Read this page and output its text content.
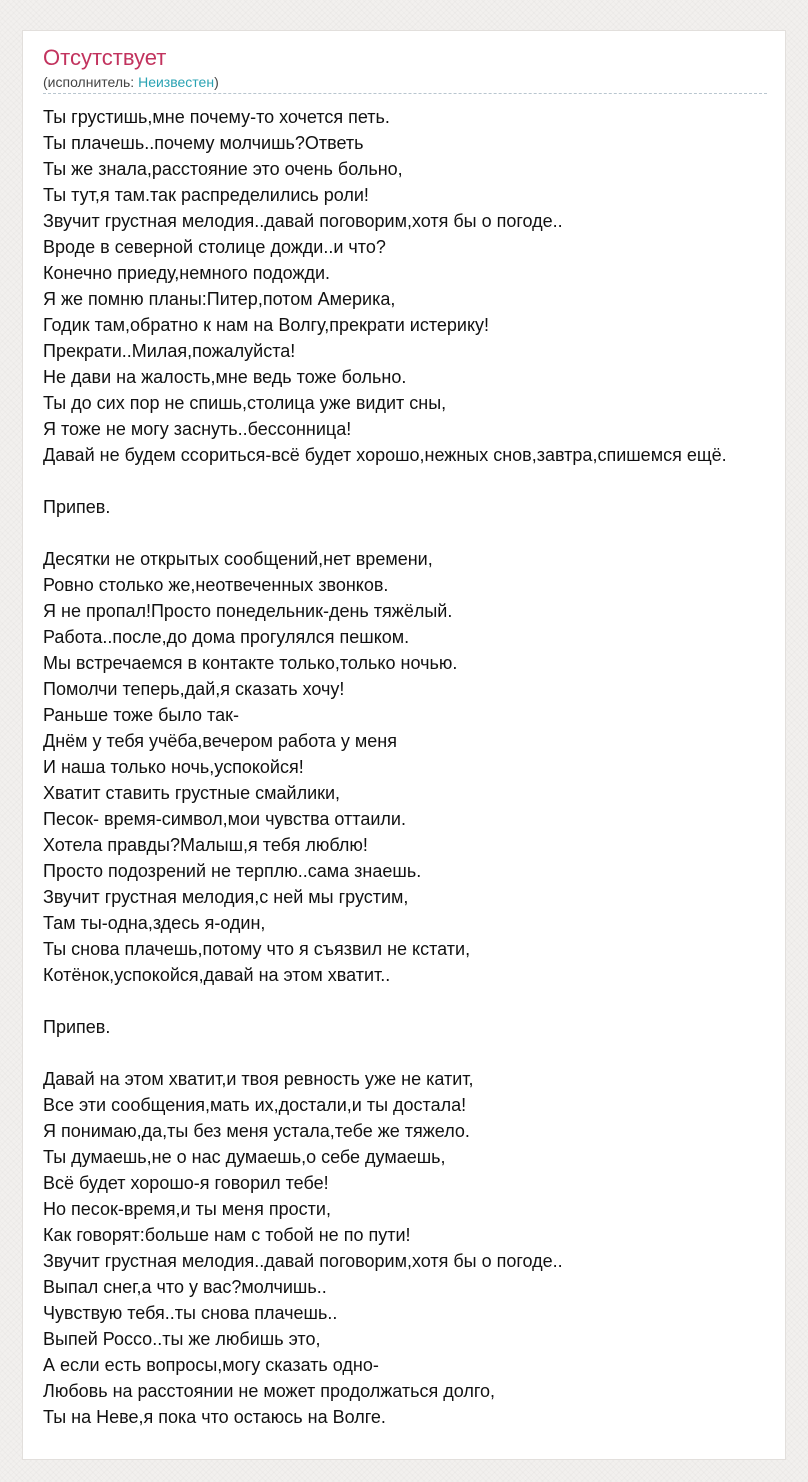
Отсутствует
(исполнитель: Неизвестен)
Ты грустишь,мне почему-то хочется петь.
Ты плачешь..почему молчишь?Ответь
Ты же знала,расстояние это очень больно,
Ты тут,я там.так распределились роли!
Звучит грустная мелодия..давай поговорим,хотя бы о погоде..
Вроде в северной столице дожди..и что?
Конечно приеду,немного подожди.
Я же помню планы:Питер,потом Америка,
Годик там,обратно к нам на Волгу,прекрати истерику!
Прекрати..Милая,пожалуйста!
Не дави на жалость,мне ведь тоже больно.
Ты до сих пор не спишь,столица уже видит сны,
Я тоже не могу заснуть..бессонница!
Давай не будем ссориться-всё будет хорошо,нежных снов,завтра,спишемся ещё.
Припев.
Десятки не открытых сообщений,нет времени,
Ровно столько же,неотвеченных звонков.
Я не пропал!Просто понедельник-день тяжёлый.
Работа..после,до дома прогулялся пешком.
Мы встречаемся в контакте только,только ночью.
Помолчи теперь,дай,я сказать хочу!
Раньше тоже было так-
Днём у тебя учёба,вечером работа у меня
И наша только ночь,успокойся!
Хватит ставить грустные смайлики,
Песок- время-символ,мои чувства оттаили.
Хотела правды?Малыш,я тебя люблю!
Просто подозрений не терплю..сама знаешь.
Звучит грустная мелодия,с ней мы грустим,
Там ты-одна,здесь я-один,
Ты снова плачешь,потому что я съязвил не кстати,
Котёнок,успокойся,давай на этом хватит..
Припев.
Давай на этом хватит,и твоя ревность уже не катит,
Все эти сообщения,мать их,достали,и ты достала!
Я понимаю,да,ты без меня устала,тебе же тяжело.
Ты думаешь,не о нас думаешь,о себе думаешь,
Всё будет хорошо-я говорил тебе!
Но песок-время,и ты меня прости,
Как говорят:больше нам с тобой не по пути!
Звучит грустная мелодия..давай поговорим,хотя бы о погоде..
Выпал снег,а что у вас?молчишь..
Чувствую тебя..ты снова плачешь..
Выпей Россо..ты же любишь это,
А если есть вопросы,могу сказать одно-
Любовь на расстоянии не может продолжаться долго,
Ты на Неве,я пока что остаюсь на Волге.
